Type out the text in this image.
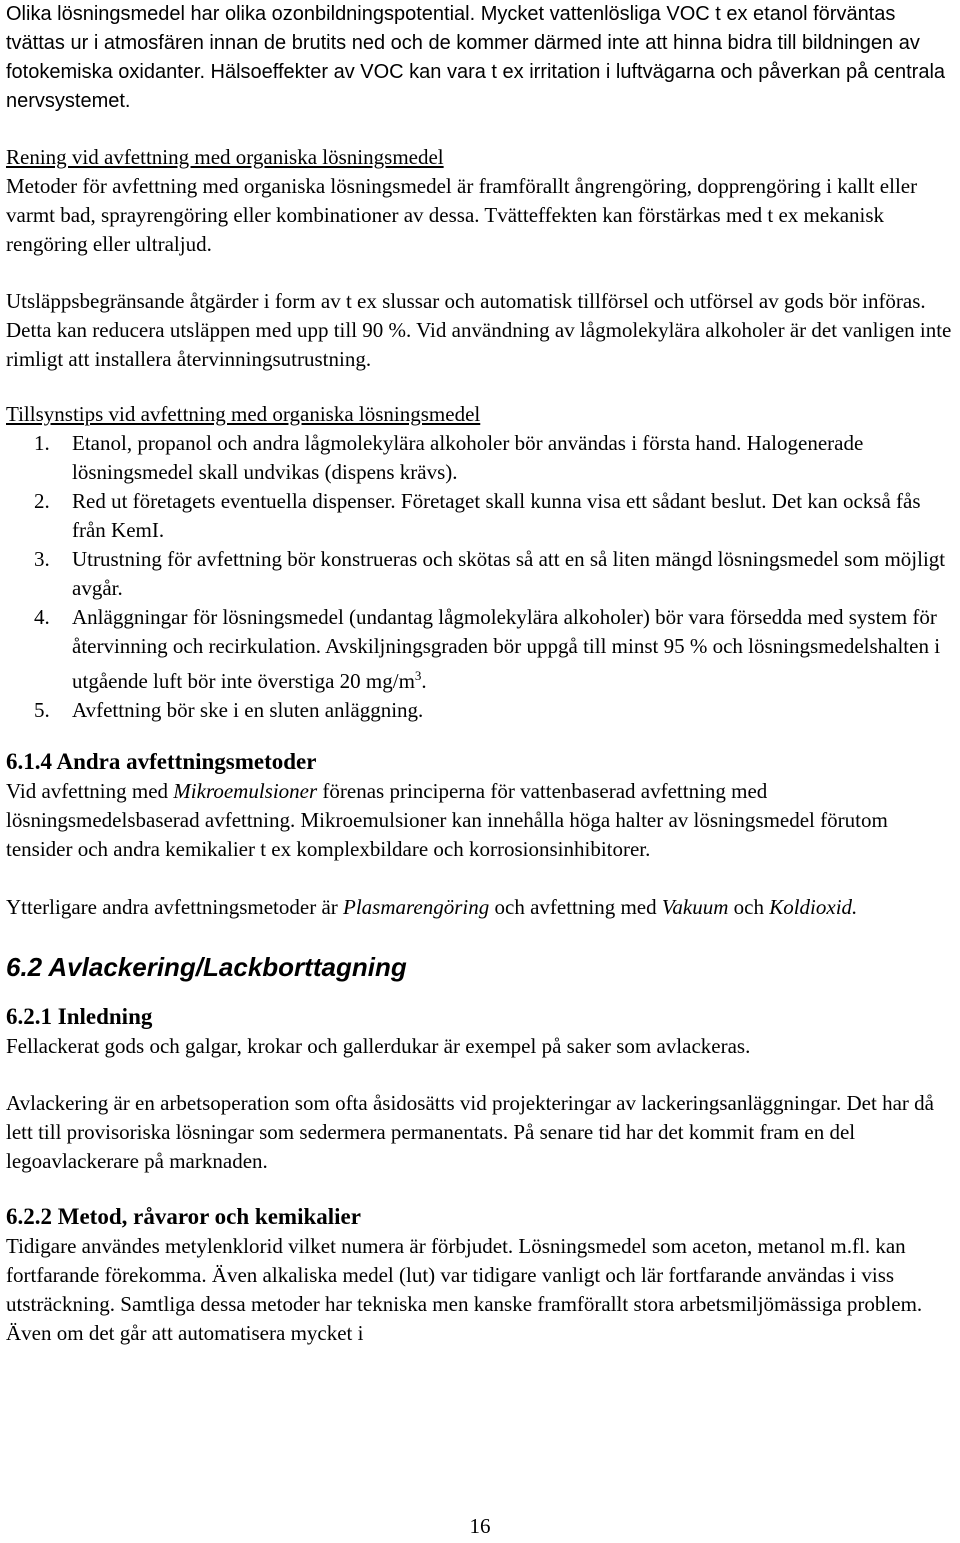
Olika lösningsmedel har olika ozonbildningspotential. Mycket vattenlösliga VOC t ex etanol förväntas tvättas ur i atmosfären innan de brutits ned och de kommer därmed inte att hinna bidra till bildningen av fotokemiska oxidanter. Hälsoeffekter av VOC kan vara t ex irritation i luftvägarna och påverkan på centrala nervsystemet.

Rening vid avfettning med organiska lösningsmedel

Metoder för avfettning med organiska lösningsmedel är framförallt ångrengöring, dopprengöring i kallt eller varmt bad, sprayrengöring eller kombinationer av dessa. Tvätteffekten kan förstärkas med t ex mekanisk rengöring eller ultraljud.

Utsläppsbegränsande åtgärder i form av t ex slussar och automatisk tillförsel och utförsel av gods bör införas. Detta kan reducera utsläppen med upp till 90 %. Vid användning av lågmolekylära alkoholer är det vanligen inte rimligt att installera återvinningsutrustning.

Tillsynstips vid avfettning med organiska lösningsmedel

1.	Etanol, propanol och andra lågmolekylära alkoholer bör användas i första hand. Halogenerade lösningsmedel skall undvikas (dispens krävs).
2.	Red ut företagets eventuella dispenser. Företaget skall kunna visa ett sådant beslut. Det kan också fås från KemI.
3.	Utrustning för avfettning bör konstrueras och skötas så att en så liten mängd lösningsmedel som möjligt avgår.
4.	Anläggningar för lösningsmedel (undantag lågmolekylära alkoholer) bör vara försedda med system för återvinning och recirkulation. Avskiljningsgraden bör uppgå till minst 95 % och lösningsmedelshalten i utgående luft bör inte överstiga 20 $mg/m^3$.
5.	Avfettning bör ske i en sluten anläggning.
6.1.4 Andra avfettningsmetoder

Vid avfettning med Mikroemulsioner förenas principerna för vattenbaserad avfettning med lösningsmedelsbaserad avfettning. Mikroemulsioner kan innehålla höga halter av lösningsmedel förutom tensider och andra kemikalier t ex komplexbildare och korrosionsinhibitorer.

Ytterligare andra avfettningsmetoder är Plasmarengöring och avfettning med Vakuum och Koldioxid.

6.2 Avlackering/Lackborttagning
6.2.1 Inledning

Fellackerat gods och galgar, krokar och gallerdukar är exempel på saker som avlackeras.

Avlackering är en arbetsoperation som ofta åsidosätts vid projekteringar av lackeringsanläggningar. Det har då lett till provisoriska lösningar som sedermera permanentats. På senare tid har det kommit fram en del legoavlackerare på marknaden.

6.2.2 Metod, råvaror och kemikalier

Tidigare användes metylenklorid vilket numera är förbjudet. Lösningsmedel som aceton, metanol m.fl. kan fortfarande förekomma. Även alkaliska medel (lut) var tidigare vanligt och lär fortfarande användas i viss utsträckning. Samtliga dessa metoder har tekniska men kanske framförallt stora arbetsmiljömässiga problem. Även om det går att automatisera mycket i

16
